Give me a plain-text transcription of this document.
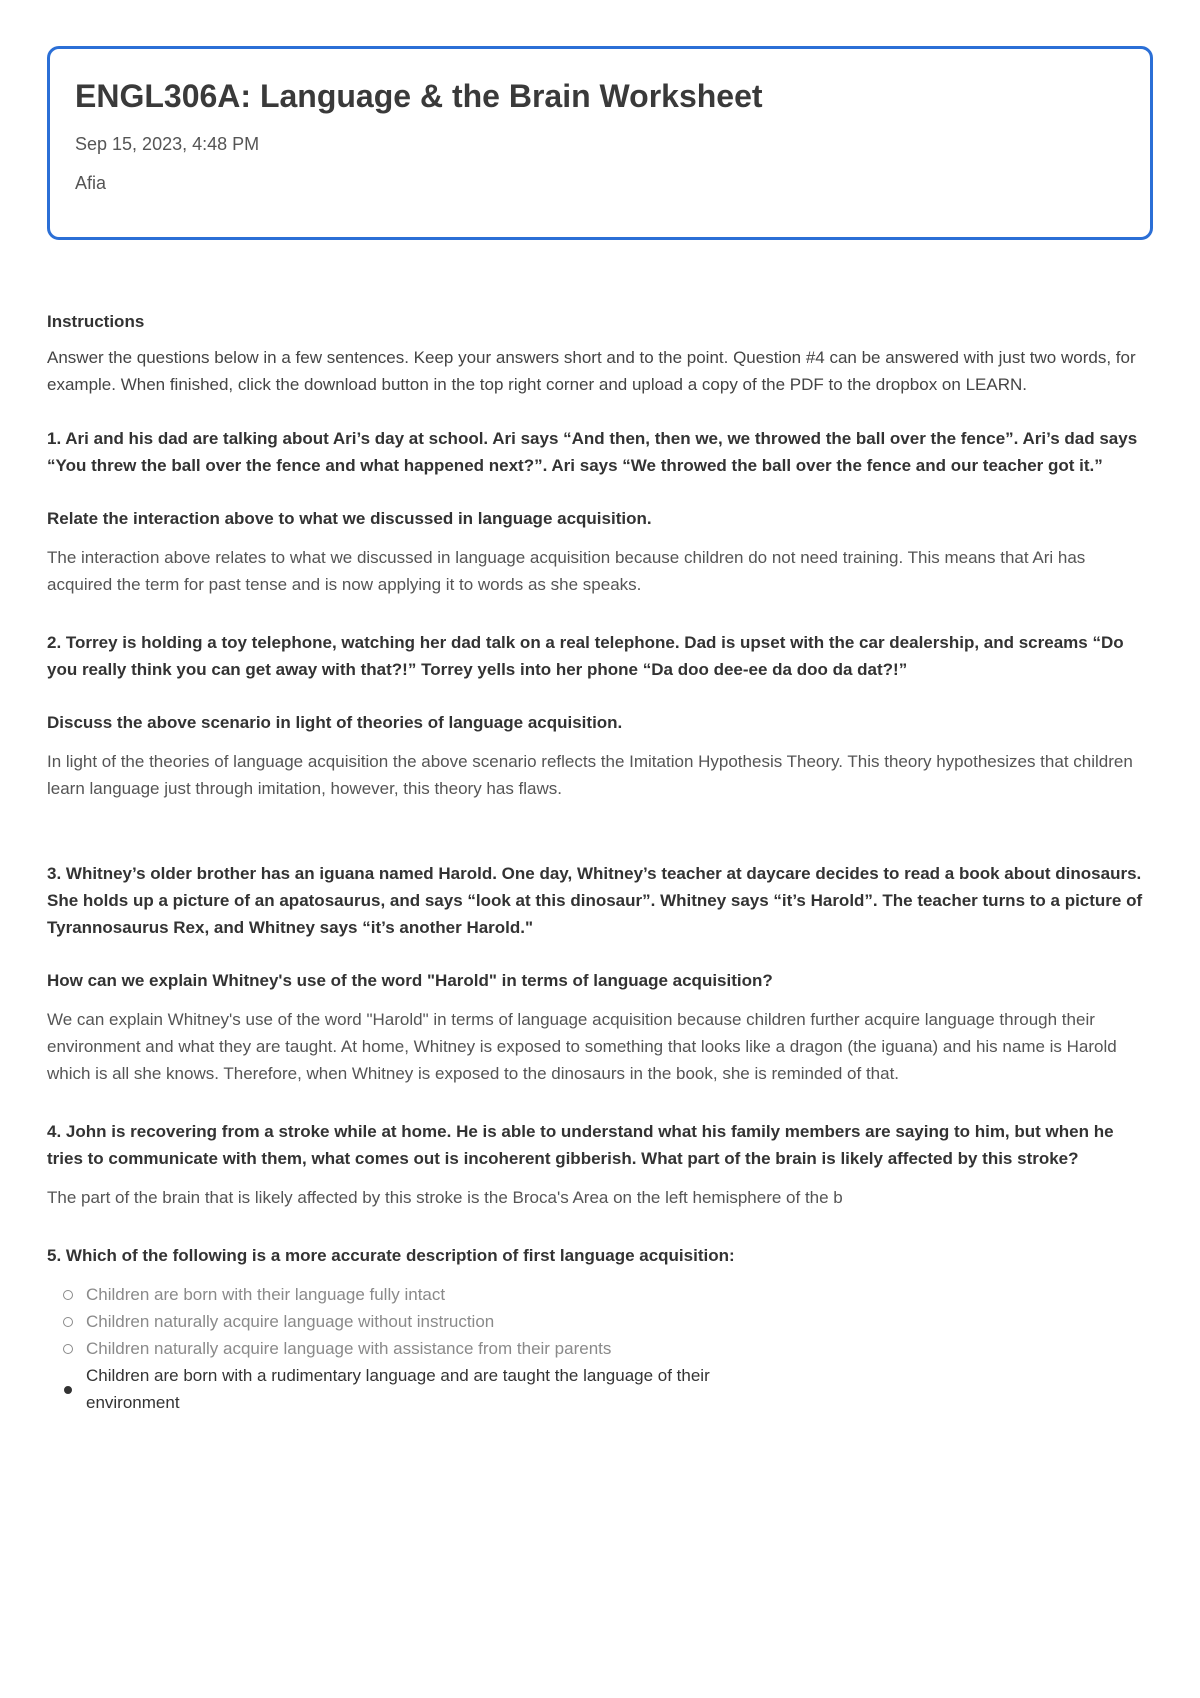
ENGL306A: Language & the Brain Worksheet
Sep 15, 2023, 4:48 PM
Afia

Instructions

Answer the questions below in a few sentences. Keep your answers short and to the point. Question #4 can be answered with just two words, for example. When finished, click the download button in the top right corner and upload a copy of the PDF to the dropbox on LEARN.

1. Ari and his dad are talking about Ari’s day at school. Ari says “And then, then we, we throwed the ball over the fence”. Ari’s dad says “You threw the ball over the fence and what happened next?”. Ari says “We throwed the ball over the fence and our teacher got it.”

Relate the interaction above to what we discussed in language acquisition.

The interaction above relates to what we discussed in language acquisition because children do not need training. This means that Ari has acquired the term for past tense and is now applying it to words as she speaks.

2. Torrey is holding a toy telephone, watching her dad talk on a real telephone. Dad is upset with the car dealership, and screams “Do you really think you can get away with that?!” Torrey yells into her phone “Da doo dee-ee da doo da dat?!”

Discuss the above scenario in light of theories of language acquisition.

In light of the theories of language acquisition the above scenario reflects the Imitation Hypothesis Theory. This theory hypothesizes that children learn language just through imitation, however, this theory has flaws.

3. Whitney’s older brother has an iguana named Harold. One day, Whitney’s teacher at daycare decides to read a book about dinosaurs. She holds up a picture of an apatosaurus, and says “look at this dinosaur”. Whitney says “it’s Harold”. The teacher turns to a picture of Tyrannosaurus Rex, and Whitney says “it’s another Harold."

How can we explain Whitney's use of the word "Harold" in terms of language acquisition?

We can explain Whitney's use of the word "Harold" in terms of language acquisition because children further acquire language through their environment and what they are taught. At home, Whitney is exposed to something that looks like a dragon (the iguana) and his name is Harold which is all she knows. Therefore, when Whitney is exposed to the dinosaurs in the book, she is reminded of that.

4. John is recovering from a stroke while at home. He is able to understand what his family members are saying to him, but when he tries to communicate with them, what comes out is incoherent gibberish. What part of the brain is likely affected by this stroke?

The part of the brain that is likely affected by this stroke is the Broca's Area on the left hemisphere of the b

5. Which of the following is a more accurate description of first language acquisition:

Children are born with their language fully intact
Children naturally acquire language without instruction
Children naturally acquire language with assistance from their parents
Children are born with a rudimentary language and are taught the language of their environment
